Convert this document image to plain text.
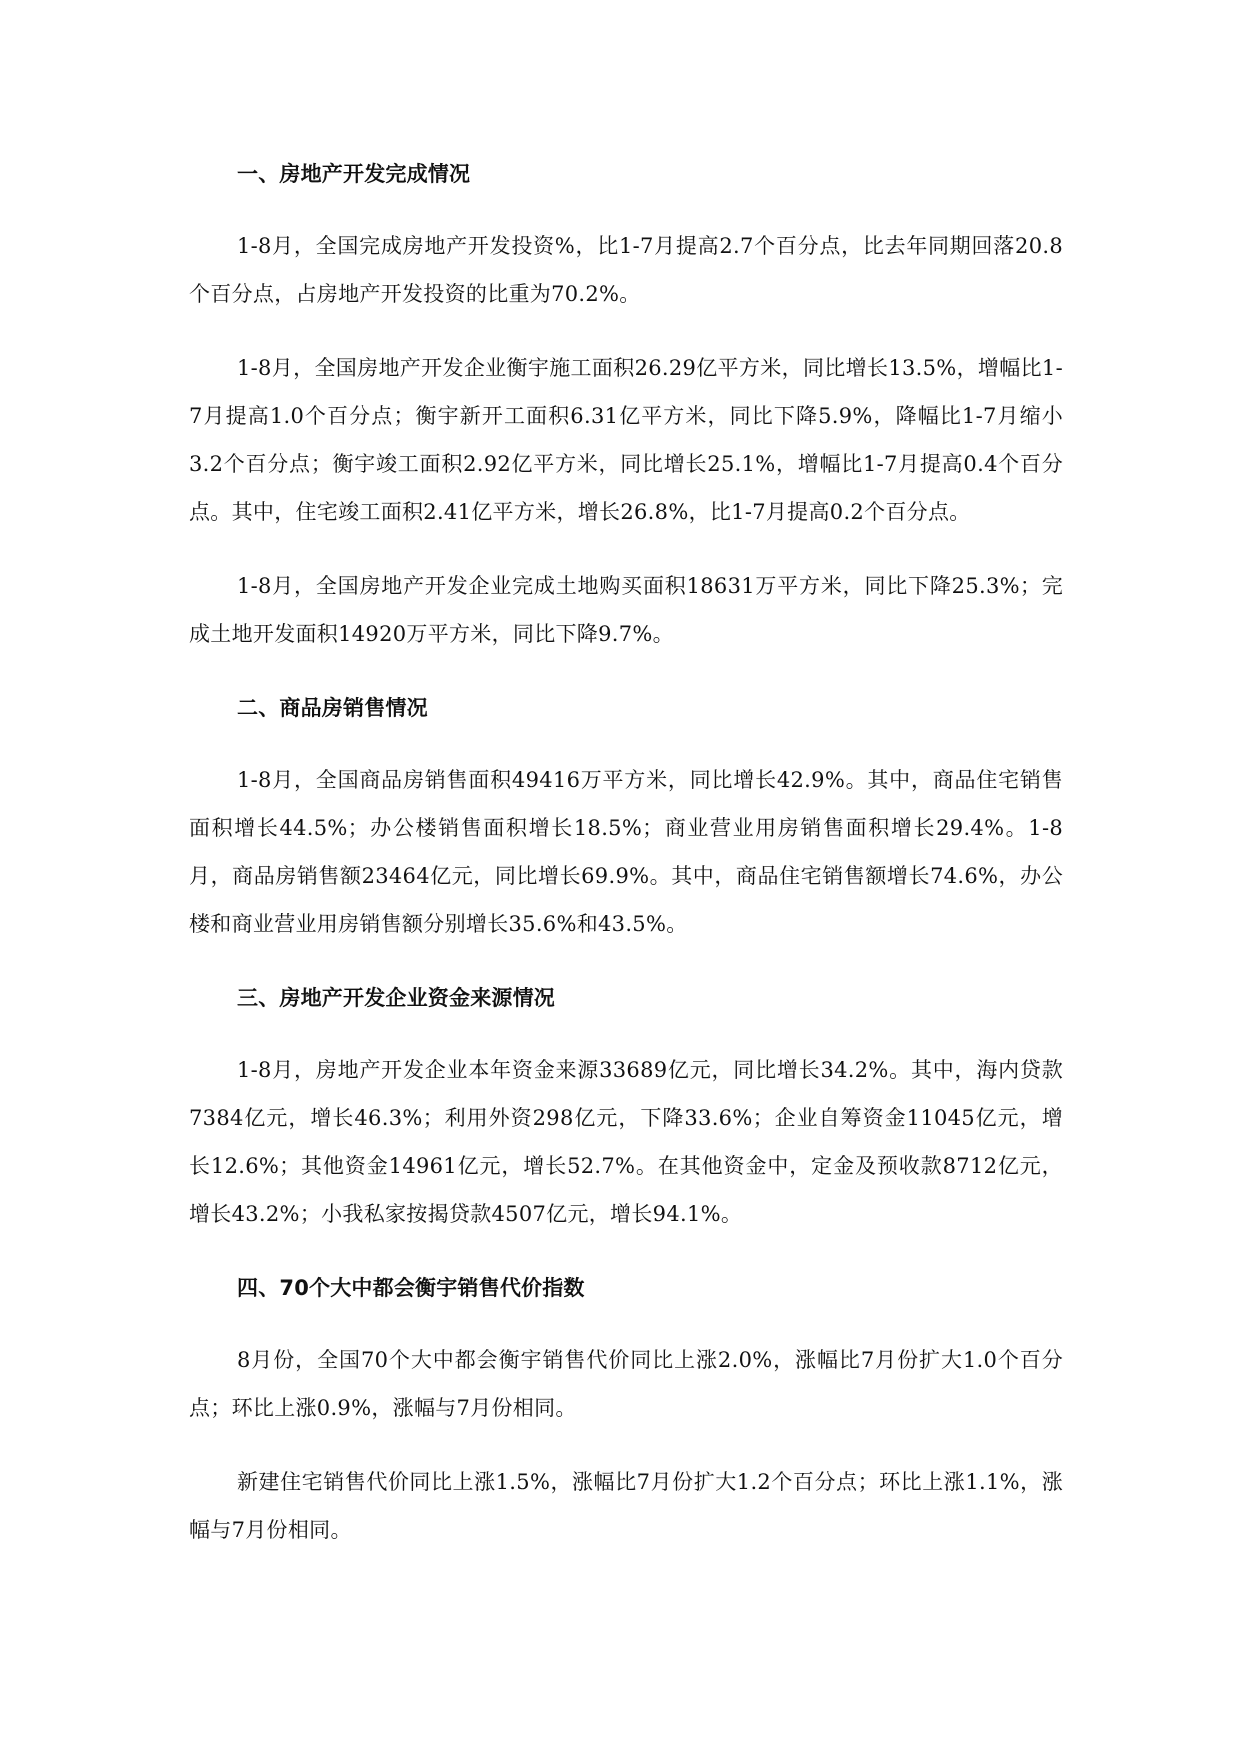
一、房地产开发完成情况

1-8月，全国完成房地产开发投资%，比1-7月提高2.7个百分点，比去年同期回落20.8个百分点，占房地产开发投资的比重为70.2%。

1-8月，全国房地产开发企业衡宇施工面积26.29亿平方米，同比增长13.5%，增幅比1-7月提高1.0个百分点；衡宇新开工面积6.31亿平方米，同比下降5.9%，降幅比1-7月缩小3.2个百分点；衡宇竣工面积2.92亿平方米，同比增长25.1%，增幅比1-7月提高0.4个百分点。其中，住宅竣工面积2.41亿平方米，增长26.8%，比1-7月提高0.2个百分点。

1-8月，全国房地产开发企业完成土地购买面积18631万平方米，同比下降25.3%；完成土地开发面积14920万平方米，同比下降9.7%。

二、商品房销售情况

1-8月，全国商品房销售面积49416万平方米，同比增长42.9%。其中，商品住宅销售面积增长44.5%；办公楼销售面积增长18.5%；商业营业用房销售面积增长29.4%。1-8月，商品房销售额23464亿元，同比增长69.9%。其中，商品住宅销售额增长74.6%，办公楼和商业营业用房销售额分别增长35.6%和43.5%。

三、房地产开发企业资金来源情况

1-8月，房地产开发企业本年资金来源33689亿元，同比增长34.2%。其中，海内贷款7384亿元，增长46.3%；利用外资298亿元，下降33.6%；企业自筹资金11045亿元，增长12.6%；其他资金14961亿元，增长52.7%。在其他资金中，定金及预收款8712亿元，增长43.2%；小我私家按揭贷款4507亿元，增长94.1%。

四、70个大中都会衡宇销售代价指数

8月份，全国70个大中都会衡宇销售代价同比上涨2.0%，涨幅比7月份扩大1.0个百分点；环比上涨0.9%，涨幅与7月份相同。

新建住宅销售代价同比上涨1.5%，涨幅比7月份扩大1.2个百分点；环比上涨1.1%，涨幅与7月份相同。
